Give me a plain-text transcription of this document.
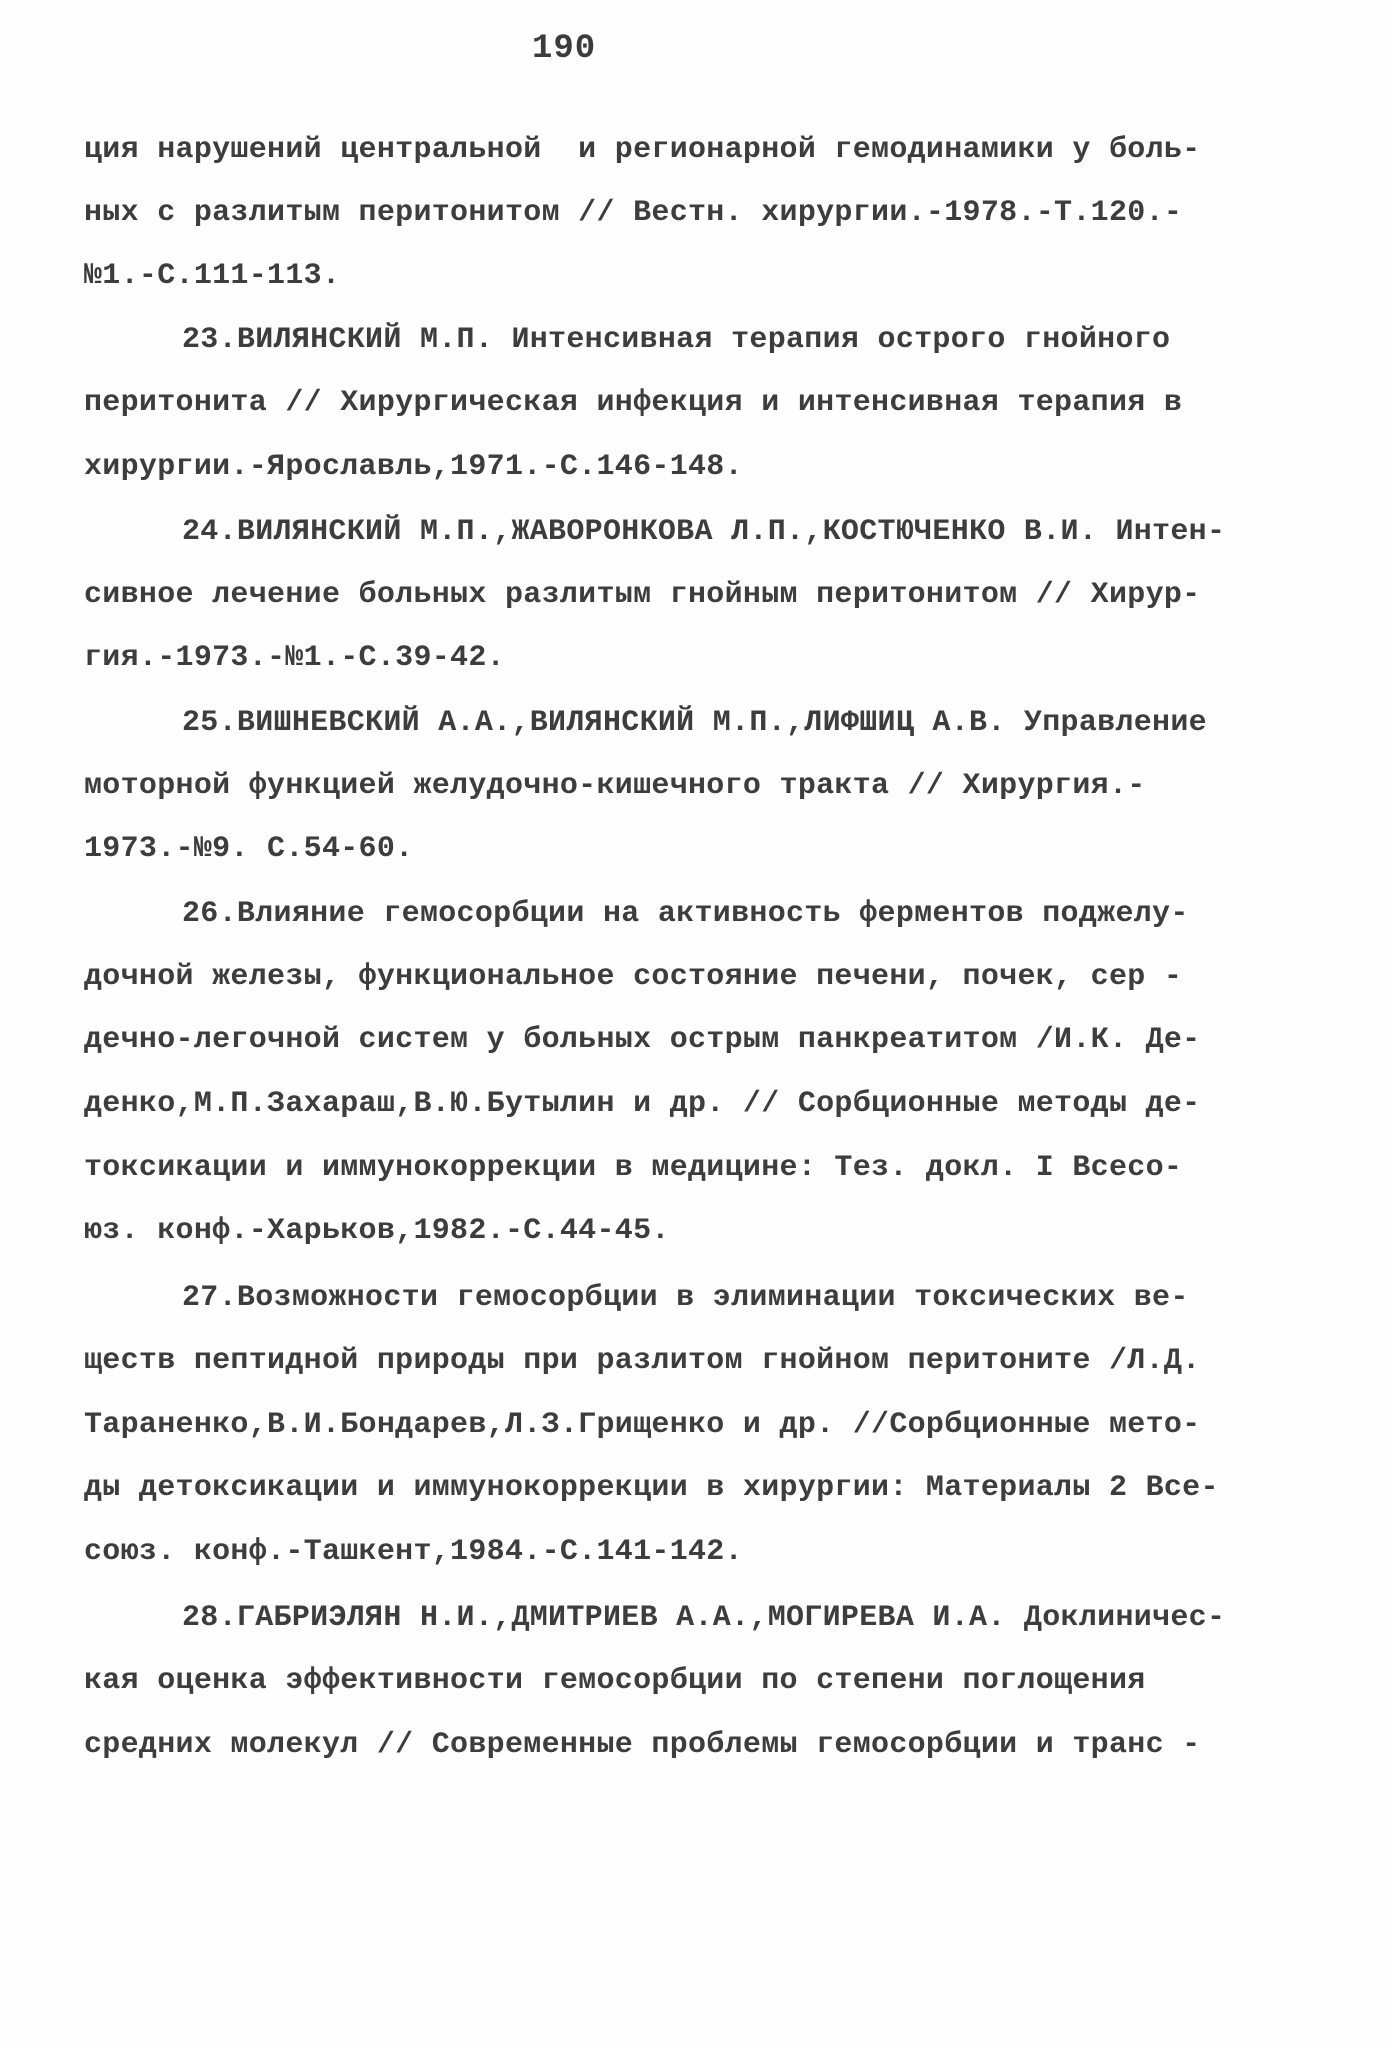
190
ция нарушений центральной  и регионарной гемодинамики у боль-
ных с разлитым перитонитом // Вестн. хирургии.-1978.-Т.120.-
№1.-С.111-113.
23.ВИЛЯНСКИЙ М.П. Интенсивная терапия острого гнойного
перитонита // Хирургическая инфекция и интенсивная терапия в
хирургии.-Ярославль,1971.-С.146-148.
24.ВИЛЯНСКИЙ М.П.,ЖАВОРОНКОВА Л.П.,КОСТЮЧЕНКО В.И. Интен-
сивное лечение больных разлитым гнойным перитонитом // Хирур-
гия.-1973.-№1.-С.39-42.
25.ВИШНЕВСКИЙ А.А.,ВИЛЯНСКИЙ М.П.,ЛИФШИЦ А.В. Управление
моторной функцией желудочно-кишечного тракта // Хирургия.-
1973.-№9. С.54-60.
26.Влияние гемосорбции на активность ферментов поджелу-
дочной железы, функциональное состояние печени, почек, сер -
дечно-легочной систем у больных острым панкреатитом /И.К. Де-
денко,М.П.Захараш,В.Ю.Бутылин и др. // Сорбционные методы де-
токсикации и иммунокоррекции в медицине: Тез. докл. I Всесо-
юз. конф.-Харьков,1982.-С.44-45.
27.Возможности гемосорбции в элиминации токсических ве-
ществ пептидной природы при разлитом гнойном перитоните /Л.Д.
Тараненко,В.И.Бондарев,Л.З.Грищенко и др. //Сорбционные мето-
ды детоксикации и иммунокоррекции в хирургии: Материалы 2 Все-
союз. конф.-Ташкент,1984.-С.141-142.
28.ГАБРИЭЛЯН Н.И.,ДМИТРИЕВ А.А.,МОГИРЕВА И.А. Доклиничес-
кая оценка эффективности гемосорбции по степени поглощения
средних молекул // Современные проблемы гемосорбции и транс -
